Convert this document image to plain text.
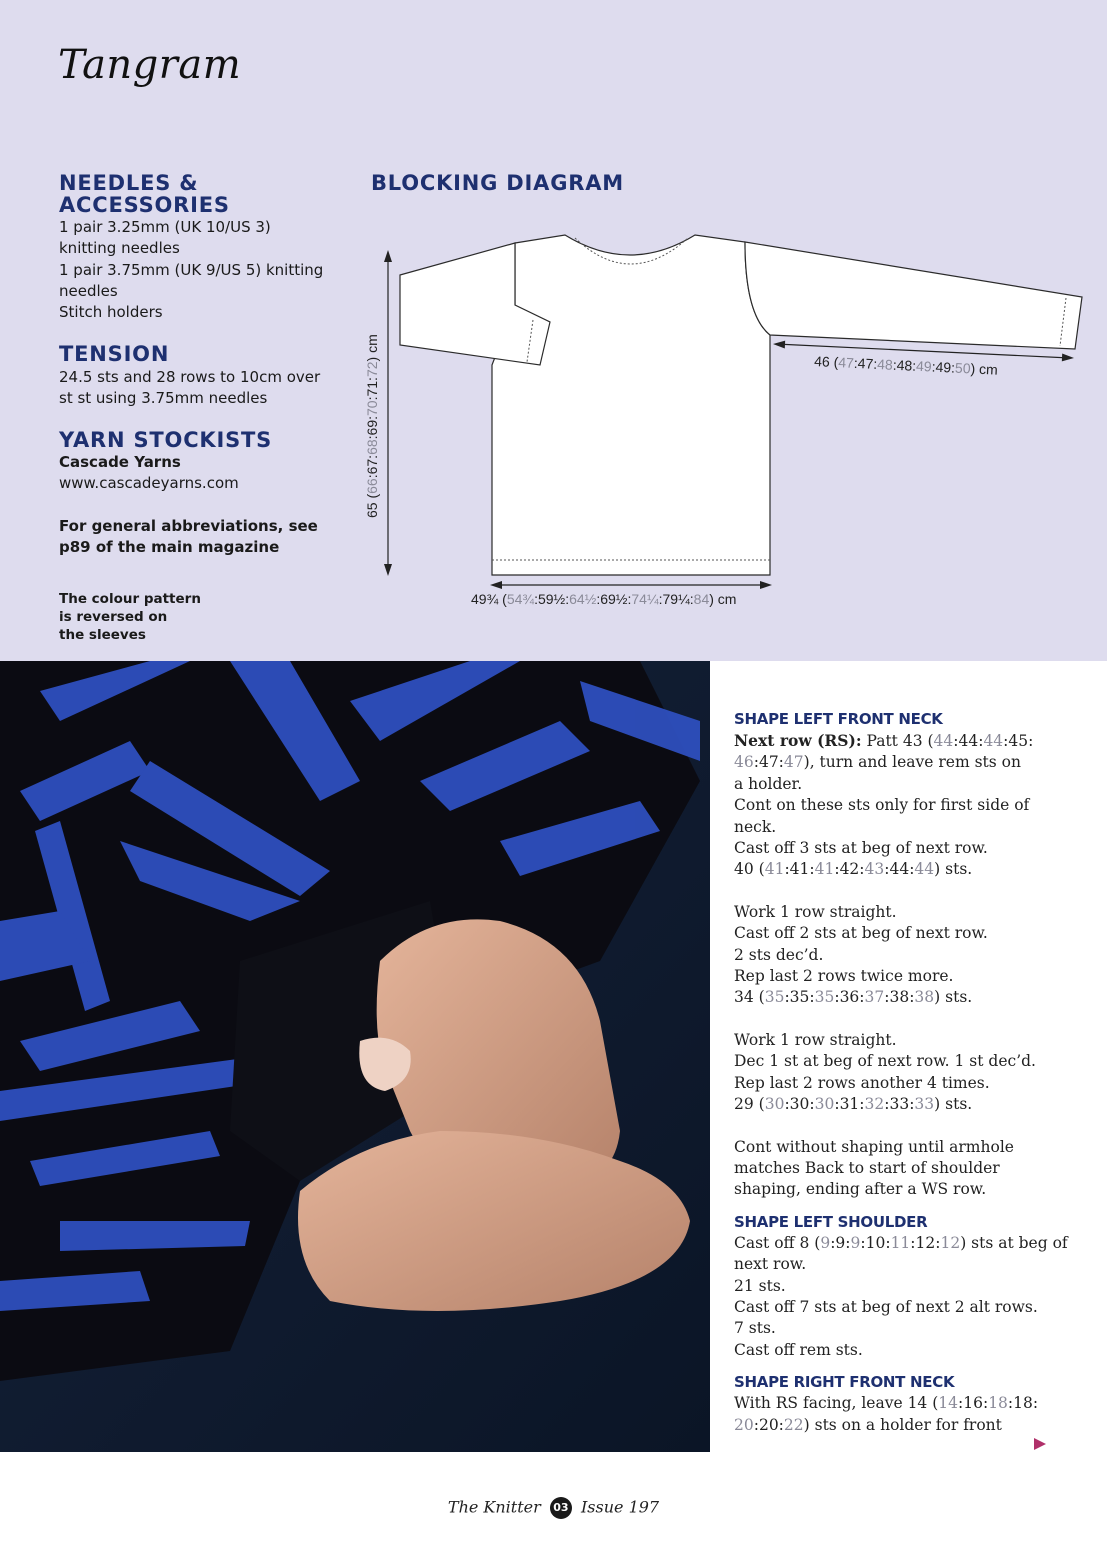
Tangram
NEEDLES &
ACCESSORIES
1 pair 3.25mm (UK 10/US 3)
knitting needles
1 pair 3.75mm (UK 9/US 5) knitting
needles
Stitch holders
TENSION
24.5 sts and 28 rows to 10cm over
st st using 3.75mm needles
YARN STOCKISTS
Cascade Yarns
www.cascadeyarns.com
For general abbreviations, see
p89 of the main magazine
The colour pattern
is reversed on
the sleeves
BLOCKING DIAGRAM
65 (66:67:68:69:70:71:72) cm
46 (47:47:48:48:49:49:50) cm
49¾ (54¾:59½:64½:69½:74¼:79¼:84) cm
SHAPE LEFT FRONT NECK
Next row (RS): Patt 43 (44:44:44:45:
46:47:47), turn and leave rem sts on
a holder.
Cont on these sts only for first side of
neck.
Cast off 3 sts at beg of next row.
40 (41:41:41:42:43:44:44) sts.
Work 1 row straight.
Cast off 2 sts at beg of next row.
2 sts dec’d.
Rep last 2 rows twice more.
34 (35:35:35:36:37:38:38) sts.
Work 1 row straight.
Dec 1 st at beg of next row. 1 st dec’d.
Rep last 2 rows another 4 times.
29 (30:30:30:31:32:33:33) sts.
Cont without shaping until armhole
matches Back to start of shoulder
shaping, ending after a WS row.
SHAPE LEFT SHOULDER
Cast off 8 (9:9:9:10:11:12:12) sts at beg of
next row.
21 sts.
Cast off 7 sts at beg of next 2 alt rows.
7 sts.
Cast off rem sts.
SHAPE RIGHT FRONT NECK
With RS facing, leave 14 (14:16:18:18:
20:20:22) sts on a holder for front
The Knitter 03 Issue 197
